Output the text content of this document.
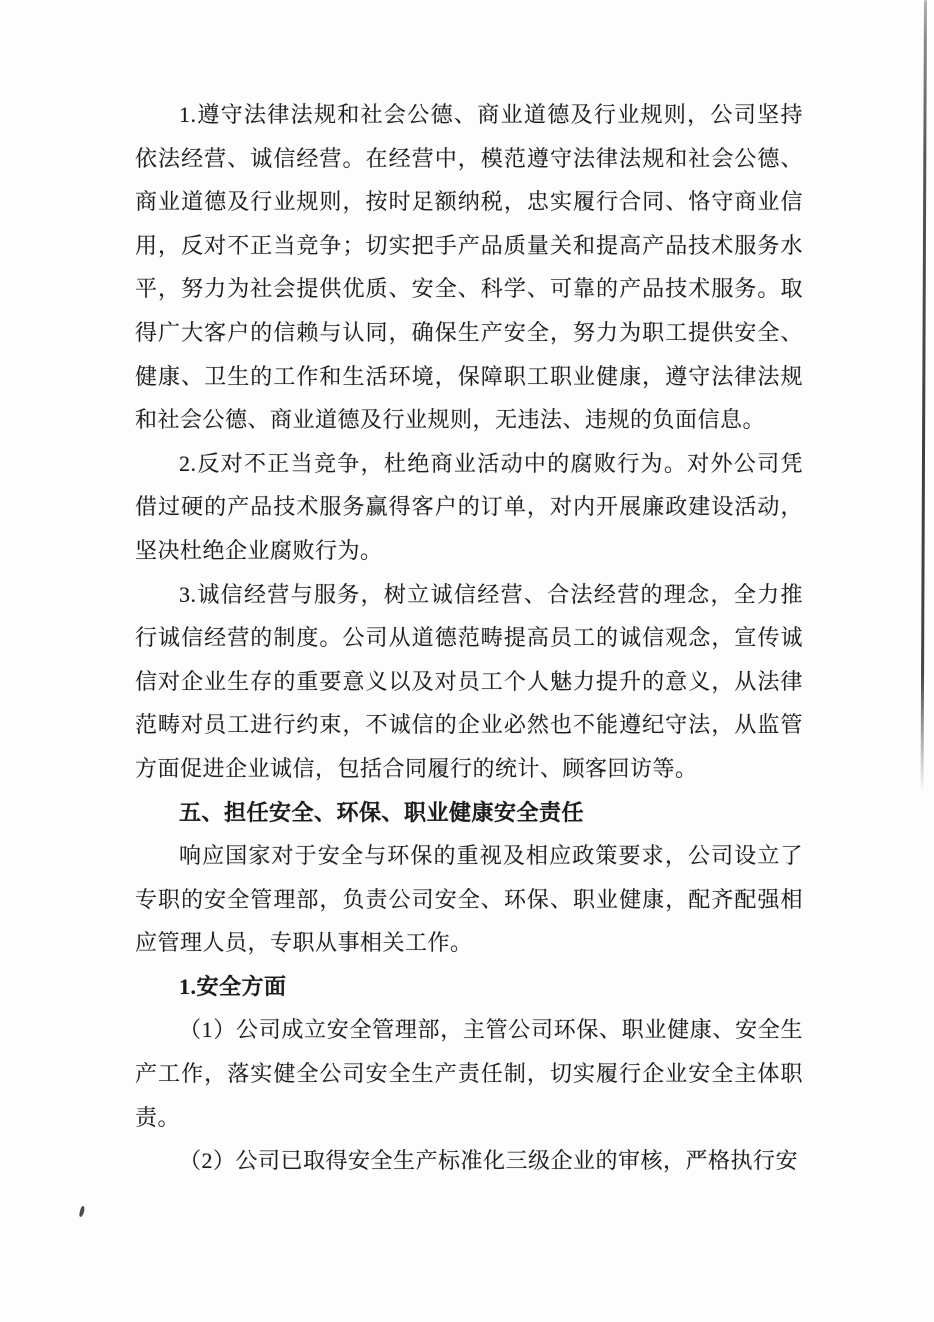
1.遵守法律法规和社会公德、商业道德及行业规则，公司坚持依法经营、诚信经营。在经营中，模范遵守法律法规和社会公德、商业道德及行业规则，按时足额纳税，忠实履行合同、恪守商业信用，反对不正当竞争；切实把手产品质量关和提高产品技术服务水平，努力为社会提供优质、安全、科学、可靠的产品技术服务。取得广大客户的信赖与认同，确保生产安全，努力为职工提供安全、健康、卫生的工作和生活环境，保障职工职业健康，遵守法律法规和社会公德、商业道德及行业规则，无违法、违规的负面信息。

2.反对不正当竞争，杜绝商业活动中的腐败行为。对外公司凭借过硬的产品技术服务赢得客户的订单，对内开展廉政建设活动，坚决杜绝企业腐败行为。

3.诚信经营与服务，树立诚信经营、合法经营的理念，全力推行诚信经营的制度。公司从道德范畴提高员工的诚信观念，宣传诚信对企业生存的重要意义以及对员工个人魅力提升的意义，从法律范畴对员工进行约束，不诚信的企业必然也不能遵纪守法，从监管方面促进企业诚信，包括合同履行的统计、顾客回访等。

五、担任安全、环保、职业健康安全责任

响应国家对于安全与环保的重视及相应政策要求，公司设立了专职的安全管理部，负责公司安全、环保、职业健康，配齐配强相应管理人员，专职从事相关工作。

1.安全方面

（1）公司成立安全管理部，主管公司环保、职业健康、安全生产工作，落实健全公司安全生产责任制，切实履行企业安全主体职责。

（2）公司已取得安全生产标准化三级企业的审核，严格执行安
